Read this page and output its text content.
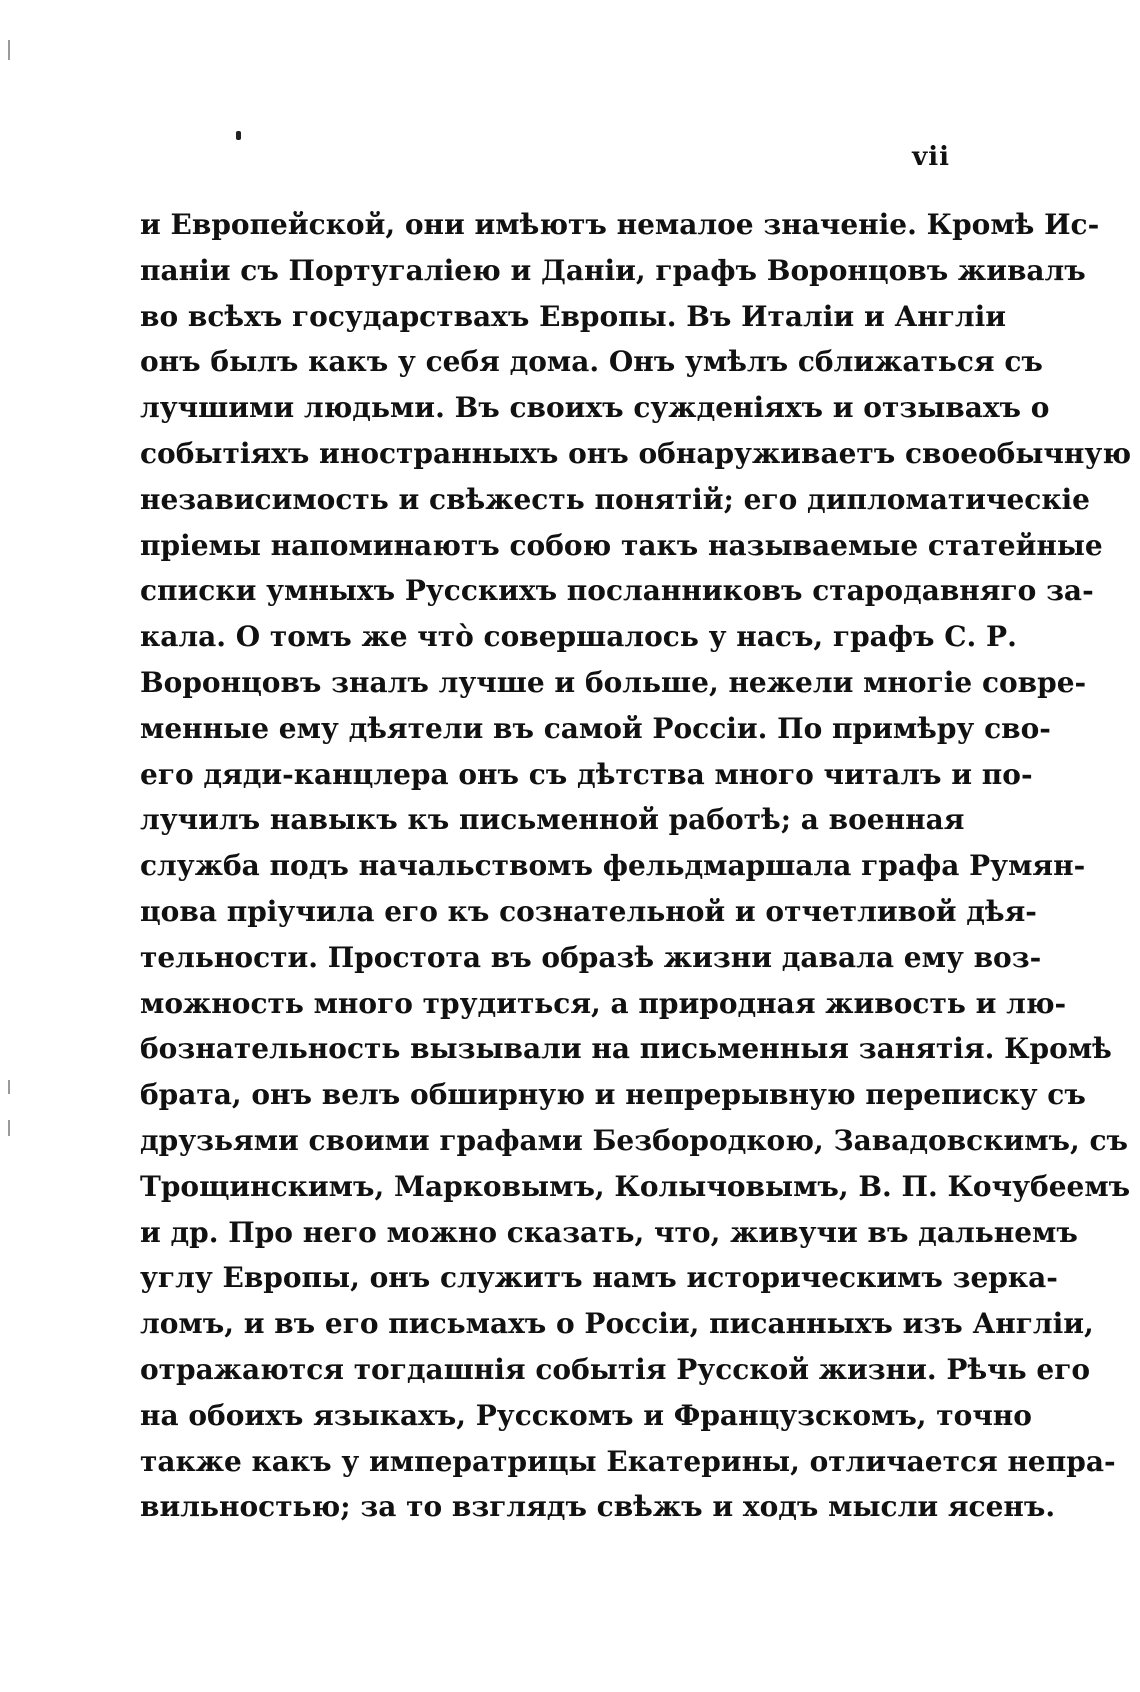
vii
и Европейской, они имѣютъ немалое значеніе. Кромѣ Ис-
паніи съ Португаліею и Даніи, графъ Воронцовъ живалъ
во всѣхъ государствахъ Европы. Въ Италіи и Англіи
онъ былъ какъ у себя дома. Онъ умѣлъ сближаться съ
лучшими людьми. Въ своихъ сужденіяхъ и отзывахъ о
событіяхъ иностранныхъ онъ обнаруживаетъ своеобычную
независимость и свѣжесть понятій; его дипломатическіе
пріемы напоминаютъ собою такъ называемые статейные
списки умныхъ Русскихъ посланниковъ стародавняго за-
кала. О томъ же что̀ совершалось у насъ, графъ С. Р.
Воронцовъ зналъ лучше и больше, нежели многіе совре-
менные ему дѣятели въ самой Россіи. По примѣру сво-
его дяди-канцлера онъ съ дѣтства много читалъ и по-
лучилъ навыкъ къ письменной работѣ; а военная
служба подъ начальствомъ фельдмаршала графа Румян-
цова пріучила его къ сознательной и отчетливой дѣя-
тельности. Простота въ образѣ жизни давала ему воз-
можность много трудиться, а природная живость и лю-
бознательность вызывали на письменныя занятія. Кромѣ
брата, онъ велъ обширную и непрерывную переписку съ
друзьями своими графами Безбородкою, Завадовскимъ, съ
Трощинскимъ, Марковымъ, Колычовымъ, В. П. Кочубеемъ
и др. Про него можно сказать, что, живучи въ дальнемъ
углу Европы, онъ служитъ намъ историческимъ зерка-
ломъ, и въ его письмахъ о Россіи, писанныхъ изъ Англіи,
отражаются тогдашнія событія Русской жизни. Рѣчь его
на обоихъ языкахъ, Русскомъ и Французскомъ, точно
также какъ у императрицы Екатерины, отличается непра-
вильностью; за то взглядъ свѣжъ и ходъ мысли ясенъ.
